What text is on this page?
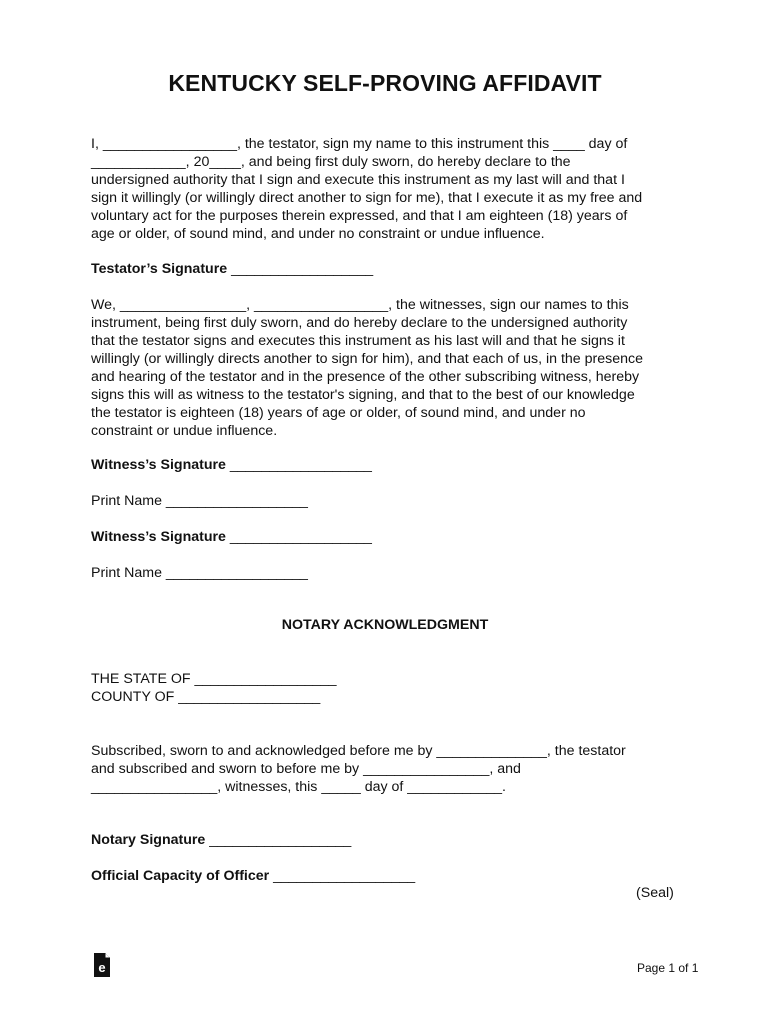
KENTUCKY SELF-PROVING AFFIDAVIT
I, _________________, the testator, sign my name to this instrument this ____ day of
____________, 20____, and being first duly sworn, do hereby declare to the
undersigned authority that I sign and execute this instrument as my last will and that I
sign it willingly (or willingly direct another to sign for me), that I execute it as my free and
voluntary act for the purposes therein expressed, and that I am eighteen (18) years of
age or older, of sound mind, and under no constraint or undue influence.
Testator’s Signature __________________
We, ________________, _________________, the witnesses, sign our names to this
instrument, being first duly sworn, and do hereby declare to the undersigned authority
that the testator signs and executes this instrument as his last will and that he signs it
willingly (or willingly directs another to sign for him), and that each of us, in the presence
and hearing of the testator and in the presence of the other subscribing witness, hereby
signs this will as witness to the testator's signing, and that to the best of our knowledge
the testator is eighteen (18) years of age or older, of sound mind, and under no
constraint or undue influence.
Witness’s Signature __________________
Print Name __________________
Witness’s Signature __________________
Print Name __________________
NOTARY ACKNOWLEDGMENT
THE STATE OF __________________
COUNTY OF __________________
Subscribed, sworn to and acknowledged before me by ______________, the testator
and subscribed and sworn to before me by ________________, and
________________, witnesses, this _____ day of ____________.
Notary Signature __________________
Official Capacity of Officer __________________
(Seal)
e	Page 1 of 1
